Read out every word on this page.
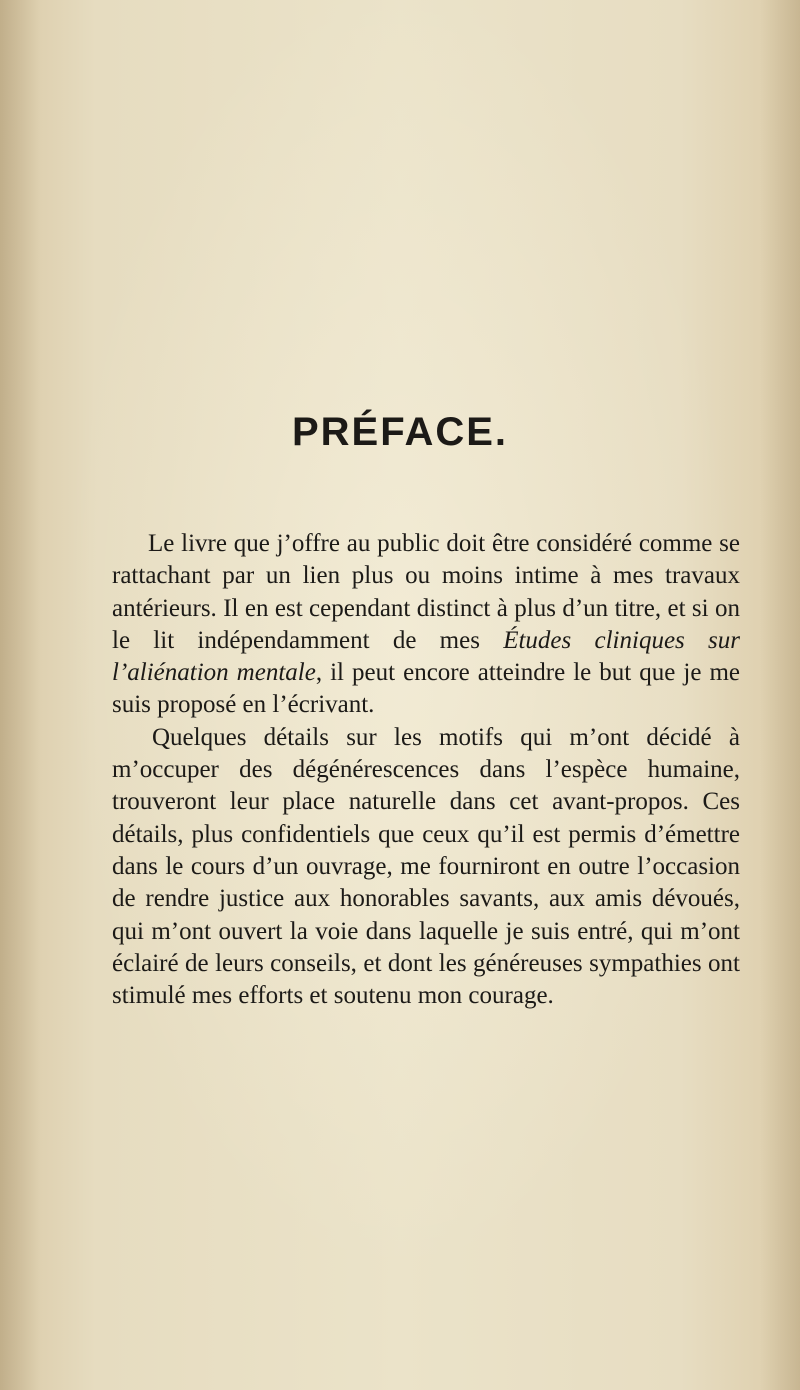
PRÉFACE.

Le livre que j’offre au public doit être considéré comme se rattachant par un lien plus ou moins intime à mes travaux antérieurs. Il en est cependant distinct à plus d’un titre, et si on le lit indépendamment de mes Études cliniques sur l’aliénation mentale, il peut encore atteindre le but que je me suis proposé en l’écrivant.

Quelques détails sur les motifs qui m’ont décidé à m’occuper des dégénérescences dans l’espèce humaine, trouveront leur place naturelle dans cet avant-propos. Ces détails, plus confidentiels que ceux qu’il est permis d’émettre dans le cours d’un ouvrage, me fourniront en outre l’occasion de rendre justice aux honorables savants, aux amis dévoués, qui m’ont ouvert la voie dans laquelle je suis entré, qui m’ont éclairé de leurs conseils, et dont les généreuses sympathies ont stimulé mes efforts et soutenu mon courage.
